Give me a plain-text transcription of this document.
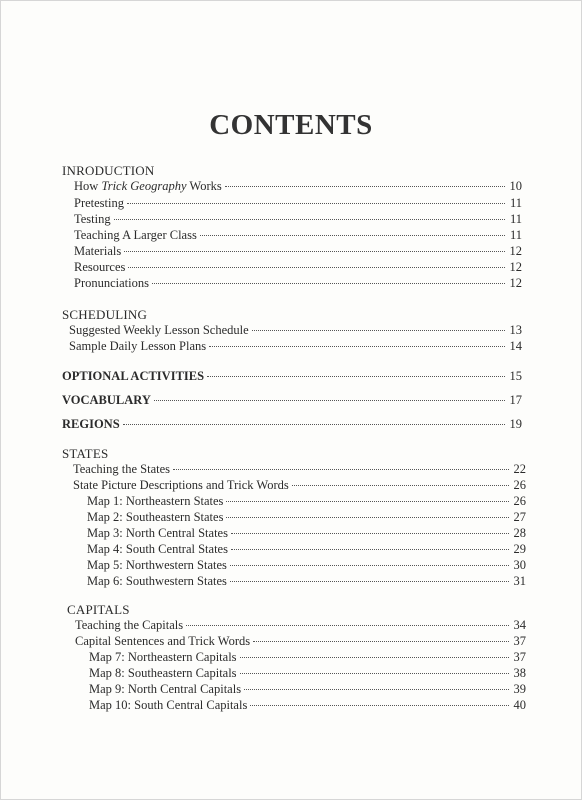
CONTENTS
INRODUCTION
How Trick Geography Works	10
Pretesting	11
Testing	11
Teaching A Larger Class	11
Materials	12
Resources	12
Pronunciations	12
SCHEDULING
Suggested Weekly Lesson Schedule	13
Sample Daily Lesson Plans	14
OPTIONAL ACTIVITIES	15
VOCABULARY	17
REGIONS	19
STATES
Teaching the States	22
State Picture Descriptions and Trick Words	26
Map 1: Northeastern States	26
Map 2: Southeastern States	27
Map 3: North Central States	28
Map 4: South Central States	29
Map 5: Northwestern States	30
Map 6: Southwestern States	31
CAPITALS
Teaching the Capitals	34
Capital Sentences and Trick Words	37
Map 7: Northeastern Capitals	37
Map 8: Southeastern Capitals	38
Map 9: North Central Capitals	39
Map 10: South Central Capitals	40
